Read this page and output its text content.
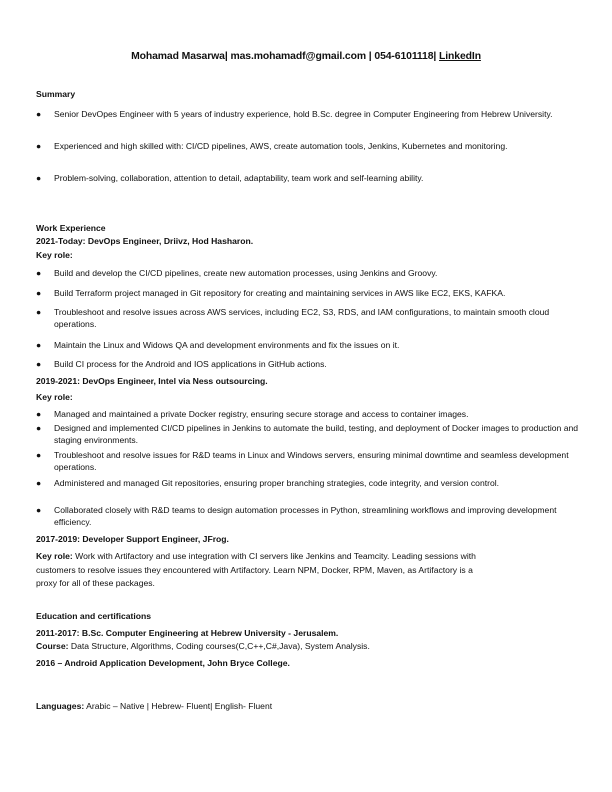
Mohamad Masarwa| mas.mohamadf@gmail.com | 054-6101118| LinkedIn
Summary
● Senior DevOpes Engineer with 5 years of industry experience, hold B.Sc. degree in Computer Engineering from Hebrew University.
● Experienced and high skilled with: CI/CD pipelines, AWS, create automation tools, Jenkins, Kubernetes and monitoring.
● Problem-solving, collaboration, attention to detail, adaptability, team work and self-learning ability.
Work Experience
2021-Today: DevOps Engineer, Driivz, Hod Hasharon.
Key role:
● Build and develop the CI/CD pipelines, create new automation processes, using Jenkins and Groovy.
● Build Terraform project managed in Git repository for creating and maintaining services in AWS like EC2, EKS, KAFKA.
● Troubleshoot and resolve issues across AWS services, including EC2, S3, RDS, and IAM configurations, to maintain smooth cloud operations.
● Maintain the Linux and Widows QA and development environments and fix the issues on it.
● Build CI process for the Android and IOS applications in GitHub actions.
2019-2021: DevOps Engineer, Intel via Ness outsourcing.
Key role:
● Managed and maintained a private Docker registry, ensuring secure storage and access to container images.
● Designed and implemented CI/CD pipelines in Jenkins to automate the build, testing, and deployment of Docker images to production and staging environments.
● Troubleshoot and resolve issues for R&D teams in Linux and Windows servers, ensuring minimal downtime and seamless development operations.
● Administered and managed Git repositories, ensuring proper branching strategies, code integrity, and version control.
● Collaborated closely with R&D teams to design automation processes in Python, streamlining workflows and improving development efficiency.
2017-2019: Developer Support Engineer, JFrog.
Key role: Work with Artifactory and use integration with CI servers like Jenkins and Teamcity. Leading sessions with
customers to resolve issues they encountered with Artifactory. Learn NPM, Docker, RPM, Maven, as Artifactory is a
proxy for all of these packages.
Education and certifications
2011-2017: B.Sc. Computer Engineering at Hebrew University - Jerusalem.
Course: Data Structure, Algorithms, Coding courses(C,C++,C#,Java), System Analysis.
2016 – Android Application Development, John Bryce College.
Languages: Arabic – Native | Hebrew- Fluent| English- Fluent
